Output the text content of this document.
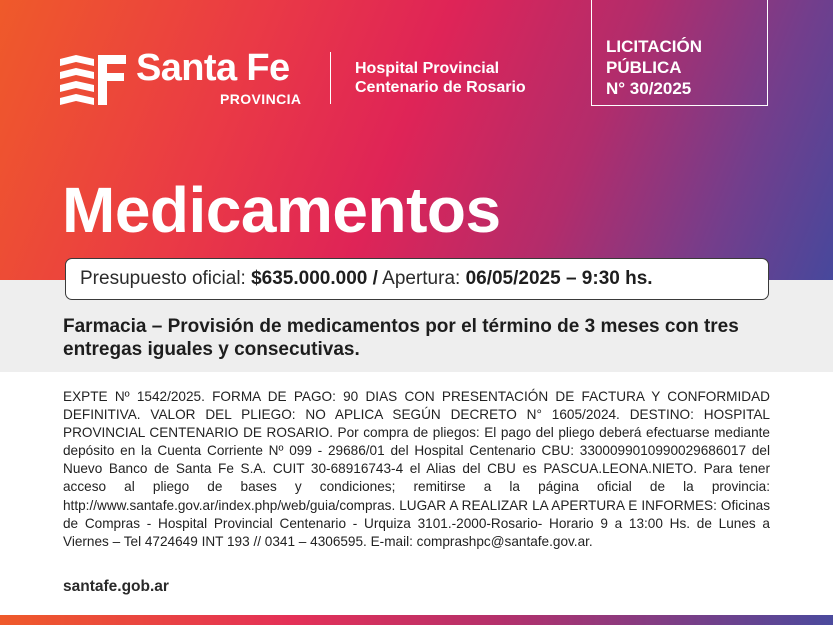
Santa Fe
PROVINCIA
Hospital Provincial
Centenario de Rosario
LICITACIÓN
PÚBLICA
N° 30/2025
Medicamentos
Presupuesto oficial: $635.000.000 / Apertura: 06/05/2025 – 9:30 hs.
Farmacia – Provisión de medicamentos por el término de 3 meses con tres entregas iguales y consecutivas.
EXPTE Nº 1542/2025. FORMA DE PAGO: 90 DIAS CON PRESENTACIÓN DE FACTURA Y CONFORMIDAD DEFINITIVA. VALOR DEL PLIEGO: NO APLICA SEGÚN DECRETO N° 1605/2024. DESTINO: HOSPITAL PROVINCIAL CENTENARIO DE ROSARIO. Por compra de pliegos: El pago del pliego deberá efectuarse mediante depósito en la Cuenta Corriente Nº 099 - 29686/01 del Hospital Centenario CBU: 3300099010990029686017 del Nuevo Banco de Santa Fe S.A. CUIT 30-68916743-4 el Alias del CBU es PASCUA.LEONA.NIETO. Para tener acceso al pliego de bases y condiciones; remitirse a la página oficial de la provincia: http://www.santafe.gov.ar/index.php/web/guia/compras. LUGAR A REALIZAR LA APERTURA E INFORMES: Oficinas de Compras - Hospital Provincial Centenario - Urquiza 3101.-2000-Rosario- Horario 9 a 13:00 Hs. de Lunes a Viernes – Tel 4724649 INT 193 // 0341 – 4306595. E-mail: comprashpc@santafe.gov.ar.
santafe.gob.ar
